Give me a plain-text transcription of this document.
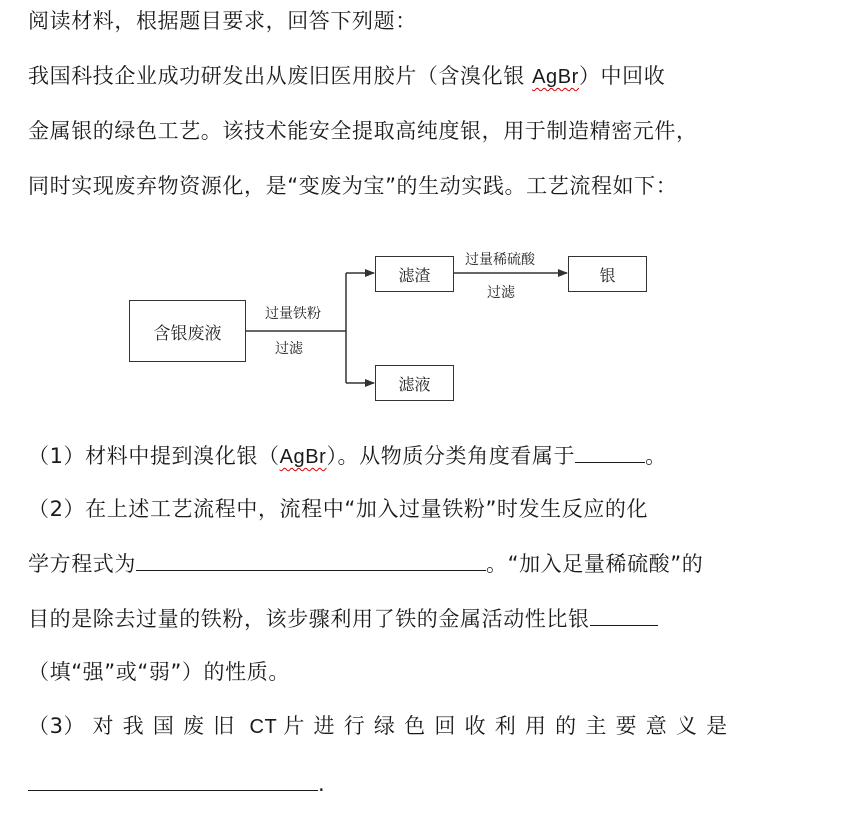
阅读材料，根据题目要求，回答下列题：
我国科技企业成功研发出从废旧医用胶片（含溴化银 AgBr）中回收
金属银的绿色工艺。该技术能安全提取高纯度银，用于制造精密元件，
同时实现废弃物资源化，是“变废为宝”的生动实践。工艺流程如下：
含银废液
滤渣
滤液
银
过量铁粉
过滤
过量稀硫酸
过滤
（1）材料中提到溴化银（AgBr）。从物质分类角度看属于	。
（2）在上述工艺流程中，流程中“加入过量铁粉”时发生反应的化
学方程式为	。“加入足量稀硫酸”的
目的是除去过量的铁粉，该步骤利用了铁的金属活动性比银
（填“强”或“弱”）的性质。
（3） 对我国废旧 CT 片进行绿色回收利用的主要意义是
.
